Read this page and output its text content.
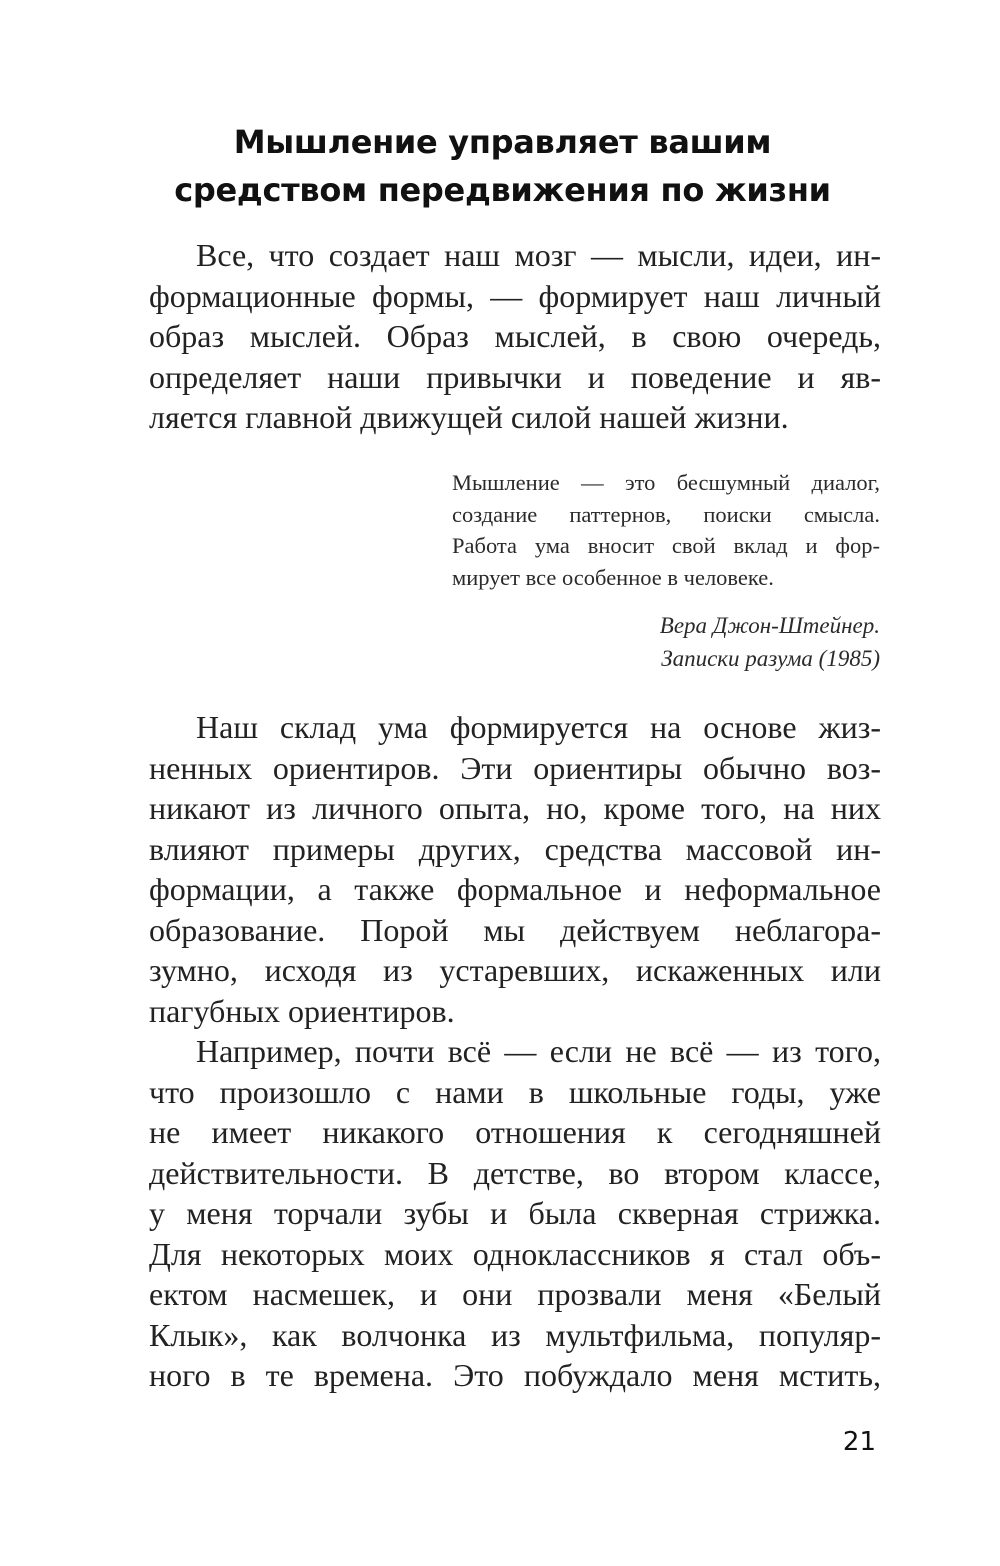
Мышление управляет вашим
средством передвижения по жизни
Все, что создает наш мозг — мысли, идеи, ин-
формационные формы, — формирует наш личный
образ мыслей. Образ мыслей, в свою очередь,
определяет наши привычки и поведение и яв-
ляется главной движущей силой нашей жизни.
Мышление — это бесшумный диалог,
создание паттернов, поиски смысла.
Работа ума вносит свой вклад и фор-
мирует все особенное в человеке.
Вера Джон-Штейнер.
Записки разума (1985)
Наш склад ума формируется на основе жиз-
ненных ориентиров. Эти ориентиры обычно воз-
никают из личного опыта, но, кроме того, на них
влияют примеры других, средства массовой ин-
формации, а также формальное и неформальное
образование. Порой мы действуем неблагора-
зумно, исходя из устаревших, искаженных или
пагубных ориентиров.
Например, почти всё — если не всё — из того,
что произошло с нами в школьные годы, уже
не имеет никакого отношения к сегодняшней
действительности. В детстве, во втором классе,
у меня торчали зубы и была скверная стрижка.
Для некоторых моих одноклассников я стал объ-
ектом насмешек, и они прозвали меня «Белый
Клык», как волчонка из мультфильма, популяр-
ного в те времена. Это побуждало меня мстить,
21
